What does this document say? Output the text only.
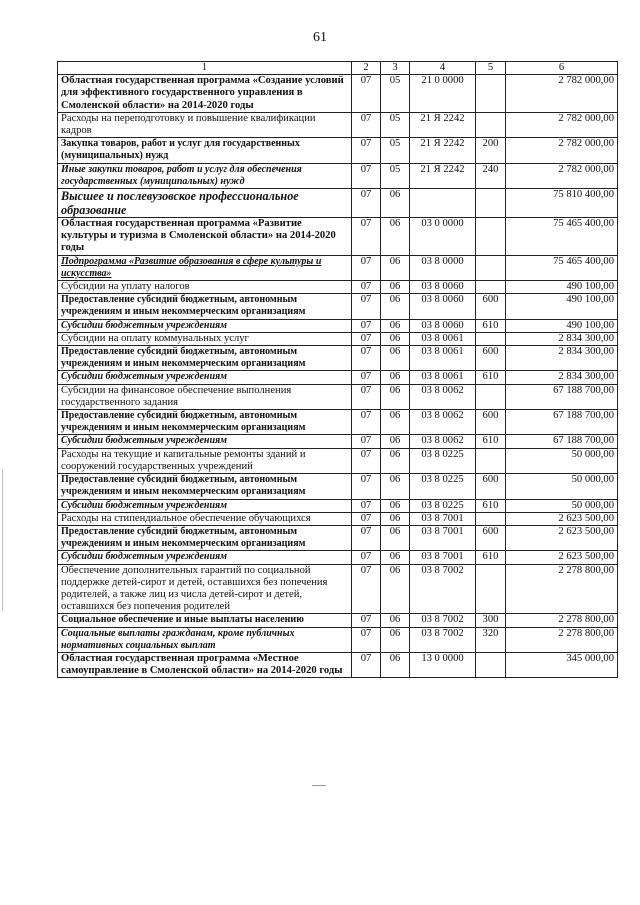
61
1	2	3	4	5	6
Областная государственная программа «Создание условий для эффективного государственного управления в Смоленской области» на 2014-2020 годы	07	05	21 0 0000		2 782 000,00
Расходы на переподготовку и повышение квалификации кадров	07	05	21 Я 2242		2 782 000,00
Закупка товаров, работ и услуг для государственных (муниципальных) нужд	07	05	21 Я 2242	200	2 782 000,00
Иные закупки товаров, работ и услуг для обеспечения государственных (муниципальных) нужд	07	05	21 Я 2242	240	2 782 000,00
Высшее и послевузовское профессиональное образование	07	06			75 810 400,00
Областная государственная программа «Развитие культуры и туризма в Смоленской области» на 2014-2020 годы	07	06	03 0 0000		75 465 400,00
Подпрограмма «Развитие образования в сфере культуры и искусства»	07	06	03 8 0000		75 465 400,00
Субсидии на уплату налогов	07	06	03 8 0060		490 100,00
Предоставление субсидий бюджетным, автономным учреждениям и иным некоммерческим организациям	07	06	03 8 0060	600	490 100,00
Субсидии бюджетным учреждениям	07	06	03 8 0060	610	490 100,00
Субсидии на оплату коммунальных услуг	07	06	03 8 0061		2 834 300,00
Предоставление субсидий бюджетным, автономным учреждениям и иным некоммерческим организациям	07	06	03 8 0061	600	2 834 300,00
Субсидии бюджетным учреждениям	07	06	03 8 0061	610	2 834 300,00
Субсидии на финансовое обеспечение выполнения государственного задания	07	06	03 8 0062		67 188 700,00
Предоставление субсидий бюджетным, автономным учреждениям и иным некоммерческим организациям	07	06	03 8 0062	600	67 188 700,00
Субсидии бюджетным учреждениям	07	06	03 8 0062	610	67 188 700,00
Расходы на текущие и капитальные ремонты зданий и сооружений государственных учреждений	07	06	03 8 0225		50 000,00
Предоставление субсидий бюджетным, автономным учреждениям и иным некоммерческим организациям	07	06	03 8 0225	600	50 000,00
Субсидии бюджетным учреждениям	07	06	03 8 0225	610	50 000,00
Расходы на стипендиальное обеспечение обучающихся	07	06	03 8 7001		2 623 500,00
Предоставление субсидий бюджетным, автономным учреждениям и иным некоммерческим организациям	07	06	03 8 7001	600	2 623 500,00
Субсидии бюджетным учреждениям	07	06	03 8 7001	610	2 623 500,00
Обеспечение дополнительных гарантий по социальной поддержке детей-сирот и детей, оставшихся без попечения родителей, а также лиц из числа детей-сирот и детей, оставшихся без попечения родителей	07	06	03 8 7002		2 278 800,00
Социальное обеспечение и иные выплаты населению	07	06	03 8 7002	300	2 278 800,00
Социальные выплаты гражданам, кроме публичных нормативных социальных выплат	07	06	03 8 7002	320	2 278 800,00
Областная государственная программа «Местное самоуправление в Смоленской области» на 2014-2020 годы	07	06	13 0 0000		345 000,00
